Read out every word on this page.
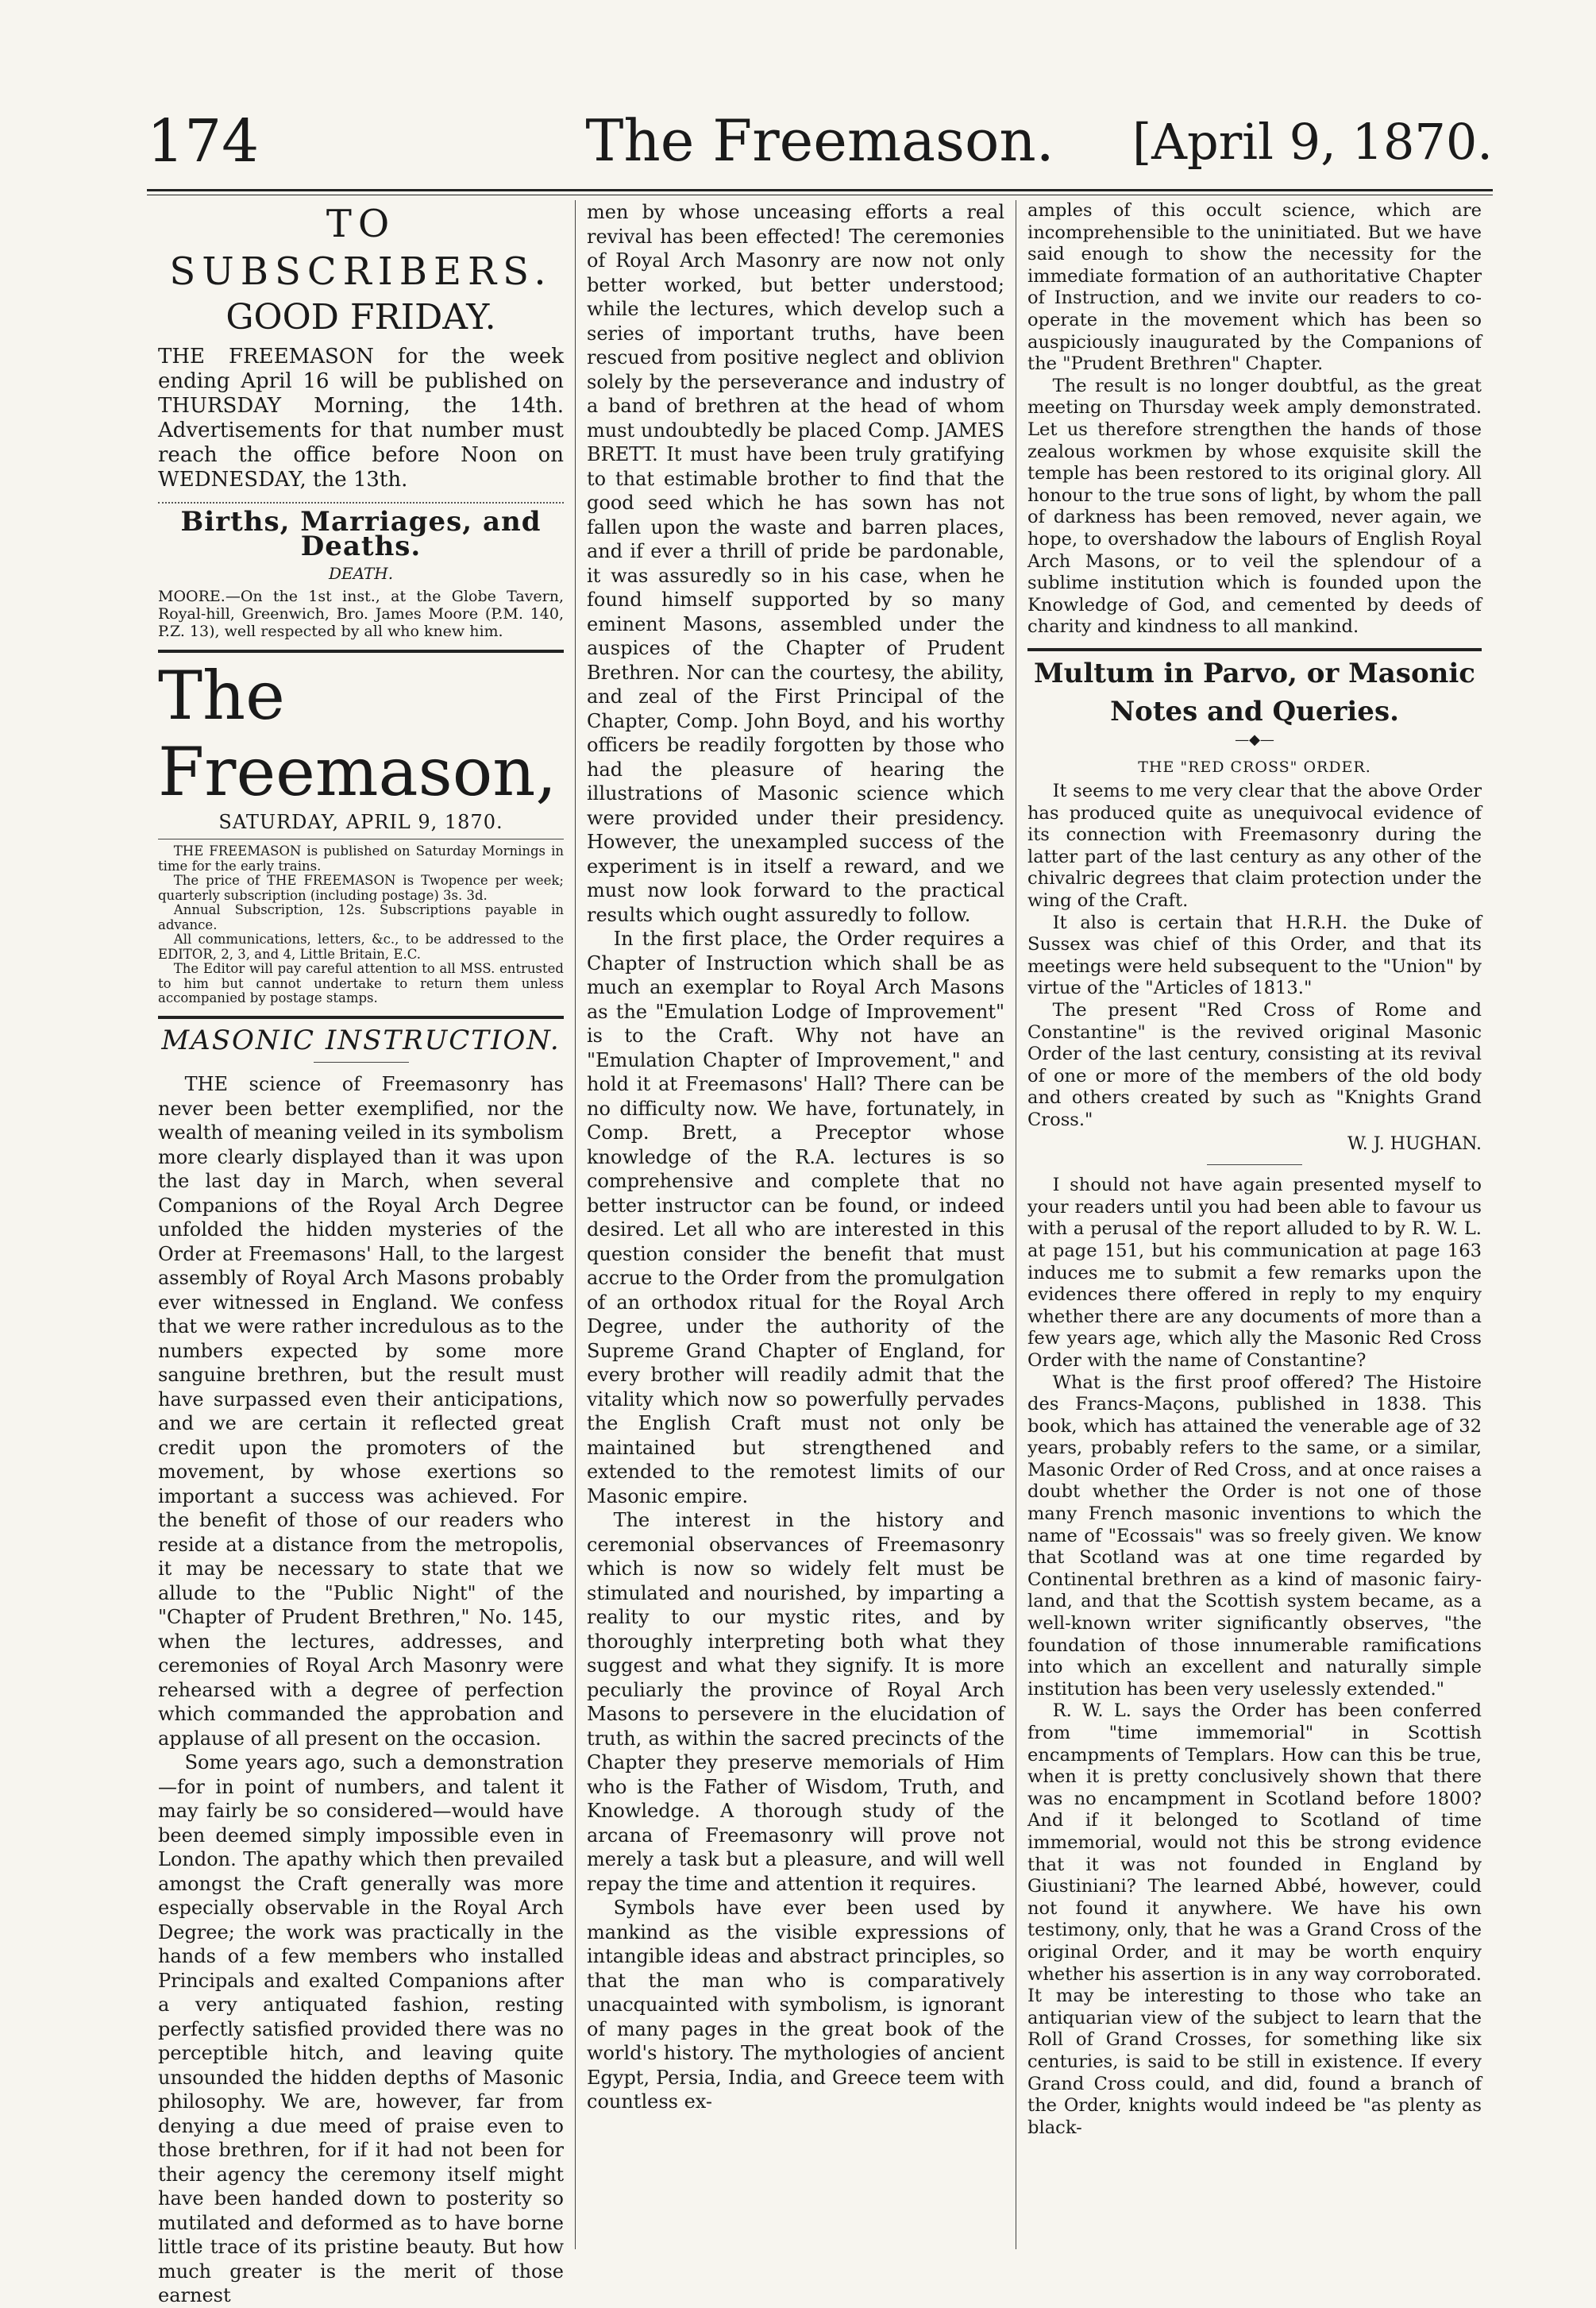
174	The Freemason.	[April 9, 1870.
TO SUBSCRIBERS.
GOOD FRIDAY.
THE FREEMASON for the week ending April 16 will be published on THURSDAY Morning, the 14th. Advertisements for that number must reach the office before Noon on WEDNESDAY, the 13th.
Births, Marriages, and Deaths.
DEATH.
MOORE.—On the 1st inst., at the Globe Tavern, Royal-hill, Greenwich, Bro. James Moore (P.M. 140, P.Z. 13), well respected by all who knew him.
The Freemason,
SATURDAY, APRIL 9, 1870.

THE FREEMASON is published on Saturday Mornings in time for the early trains.

The price of THE FREEMASON is Twopence per week; quarterly subscription (including postage) 3s. 3d.

Annual Subscription, 12s. Subscriptions payable in advance.

All communications, letters, &c., to be addressed to the EDITOR, 2, 3, and 4, Little Britain, E.C.

The Editor will pay careful attention to all MSS. entrusted to him but cannot undertake to return them unless accompanied by postage stamps.

MASONIC INSTRUCTION.

THE science of Freemasonry has never been better exemplified, nor the wealth of meaning veiled in its symbolism more clearly displayed than it was upon the last day in March, when several Companions of the Royal Arch Degree unfolded the hidden mysteries of the Order at Freemasons' Hall, to the largest assembly of Royal Arch Masons probably ever witnessed in England. We confess that we were rather incredulous as to the numbers expected by some more sanguine brethren, but the result must have surpassed even their anticipations, and we are certain it reflected great credit upon the promoters of the movement, by whose exertions so important a success was achieved. For the benefit of those of our readers who reside at a distance from the metropolis, it may be necessary to state that we allude to the "Public Night" of the "Chapter of Prudent Brethren," No. 145, when the lectures, addresses, and ceremonies of Royal Arch Masonry were rehearsed with a degree of perfection which commanded the approbation and applause of all present on the occasion.

Some years ago, such a demonstration—for in point of numbers, and talent it may fairly be so considered—would have been deemed simply impossible even in London. The apathy which then prevailed amongst the Craft generally was more especially observable in the Royal Arch Degree; the work was practically in the hands of a few members who installed Principals and exalted Companions after a very antiquated fashion, resting perfectly satisfied provided there was no perceptible hitch, and leaving quite unsounded the hidden depths of Masonic philosophy. We are, however, far from denying a due meed of praise even to those brethren, for if it had not been for their agency the ceremony itself might have been handed down to posterity so mutilated and deformed as to have borne little trace of its pristine beauty. But how much greater is the merit of those earnest

men by whose unceasing efforts a real revival has been effected! The ceremonies of Royal Arch Masonry are now not only better worked, but better understood; while the lectures, which develop such a series of important truths, have been rescued from positive neglect and oblivion solely by the perseverance and industry of a band of brethren at the head of whom must undoubtedly be placed Comp. JAMES BRETT. It must have been truly gratifying to that estimable brother to find that the good seed which he has sown has not fallen upon the waste and barren places, and if ever a thrill of pride be pardonable, it was assuredly so in his case, when he found himself supported by so many eminent Masons, assembled under the auspices of the Chapter of Prudent Brethren. Nor can the courtesy, the ability, and zeal of the First Principal of the Chapter, Comp. John Boyd, and his worthy officers be readily forgotten by those who had the pleasure of hearing the illustrations of Masonic science which were provided under their presidency. However, the unexampled success of the experiment is in itself a reward, and we must now look forward to the practical results which ought assuredly to follow.

In the first place, the Order requires a Chapter of Instruction which shall be as much an exemplar to Royal Arch Masons as the "Emulation Lodge of Improvement" is to the Craft. Why not have an "Emulation Chapter of Improvement," and hold it at Freemasons' Hall? There can be no difficulty now. We have, fortunately, in Comp. Brett, a Preceptor whose knowledge of the R.A. lectures is so comprehensive and complete that no better instructor can be found, or indeed desired. Let all who are interested in this question consider the benefit that must accrue to the Order from the promulgation of an orthodox ritual for the Royal Arch Degree, under the authority of the Supreme Grand Chapter of England, for every brother will readily admit that the vitality which now so powerfully pervades the English Craft must not only be maintained but strengthened and extended to the remotest limits of our Masonic empire.

The interest in the history and ceremonial observances of Freemasonry which is now so widely felt must be stimulated and nourished, by imparting a reality to our mystic rites, and by thoroughly interpreting both what they suggest and what they signify. It is more peculiarly the province of Royal Arch Masons to persevere in the elucidation of truth, as within the sacred precincts of the Chapter they preserve memorials of Him who is the Father of Wisdom, Truth, and Knowledge. A thorough study of the arcana of Freemasonry will prove not merely a task but a pleasure, and will well repay the time and attention it requires.

Symbols have ever been used by mankind as the visible expressions of intangible ideas and abstract principles, so that the man who is comparatively unacquainted with symbolism, is ignorant of many pages in the great book of the world's history. The mythologies of ancient Egypt, Persia, India, and Greece teem with countless ex-

amples of this occult science, which are incomprehensible to the uninitiated. But we have said enough to show the necessity for the immediate formation of an authoritative Chapter of Instruction, and we invite our readers to co-operate in the movement which has been so auspiciously inaugurated by the Companions of the "Prudent Brethren" Chapter.

The result is no longer doubtful, as the great meeting on Thursday week amply demonstrated. Let us therefore strengthen the hands of those zealous workmen by whose exquisite skill the temple has been restored to its original glory. All honour to the true sons of light, by whom the pall of darkness has been removed, never again, we hope, to overshadow the labours of English Royal Arch Masons, or to veil the splendour of a sublime institution which is founded upon the Knowledge of God, and cemented by deeds of charity and kindness to all mankind.

Multum in Parvo, or Masonic
Notes and Queries.
—◆—
THE "RED CROSS" ORDER.

It seems to me very clear that the above Order has produced quite as unequivocal evidence of its connection with Freemasonry during the latter part of the last century as any other of the chivalric degrees that claim protection under the wing of the Craft.

It also is certain that H.R.H. the Duke of Sussex was chief of this Order, and that its meetings were held subsequent to the "Union" by virtue of the "Articles of 1813."

The present "Red Cross of Rome and Constantine" is the revived original Masonic Order of the last century, consisting at its revival of one or more of the members of the old body and others created by such as "Knights Grand Cross."

W. J. HUGHAN.

I should not have again presented myself to your readers until you had been able to favour us with a perusal of the report alluded to by R. W. L. at page 151, but his communication at page 163 induces me to submit a few remarks upon the evidences there offered in reply to my enquiry whether there are any documents of more than a few years age, which ally the Masonic Red Cross Order with the name of Constantine?

What is the first proof offered? The Histoire des Francs-Maçons, published in 1838. This book, which has attained the venerable age of 32 years, probably refers to the same, or a similar, Masonic Order of Red Cross, and at once raises a doubt whether the Order is not one of those many French masonic inventions to which the name of "Ecossais" was so freely given. We know that Scotland was at one time regarded by Continental brethren as a kind of masonic fairy-land, and that the Scottish system became, as a well-known writer significantly observes, "the foundation of those innumerable ramifications into which an excellent and naturally simple institution has been very uselessly extended."

R. W. L. says the Order has been conferred from "time immemorial" in Scottish encampments of Templars. How can this be true, when it is pretty conclusively shown that there was no encampment in Scotland before 1800? And if it belonged to Scotland of time immemorial, would not this be strong evidence that it was not founded in England by Giustiniani? The learned Abbé, however, could not found it anywhere. We have his own testimony, only, that he was a Grand Cross of the original Order, and it may be worth enquiry whether his assertion is in any way corroborated. It may be interesting to those who take an antiquarian view of the subject to learn that the Roll of Grand Crosses, for something like six centuries, is said to be still in existence. If every Grand Cross could, and did, found a branch of the Order, knights would indeed be "as plenty as black-
